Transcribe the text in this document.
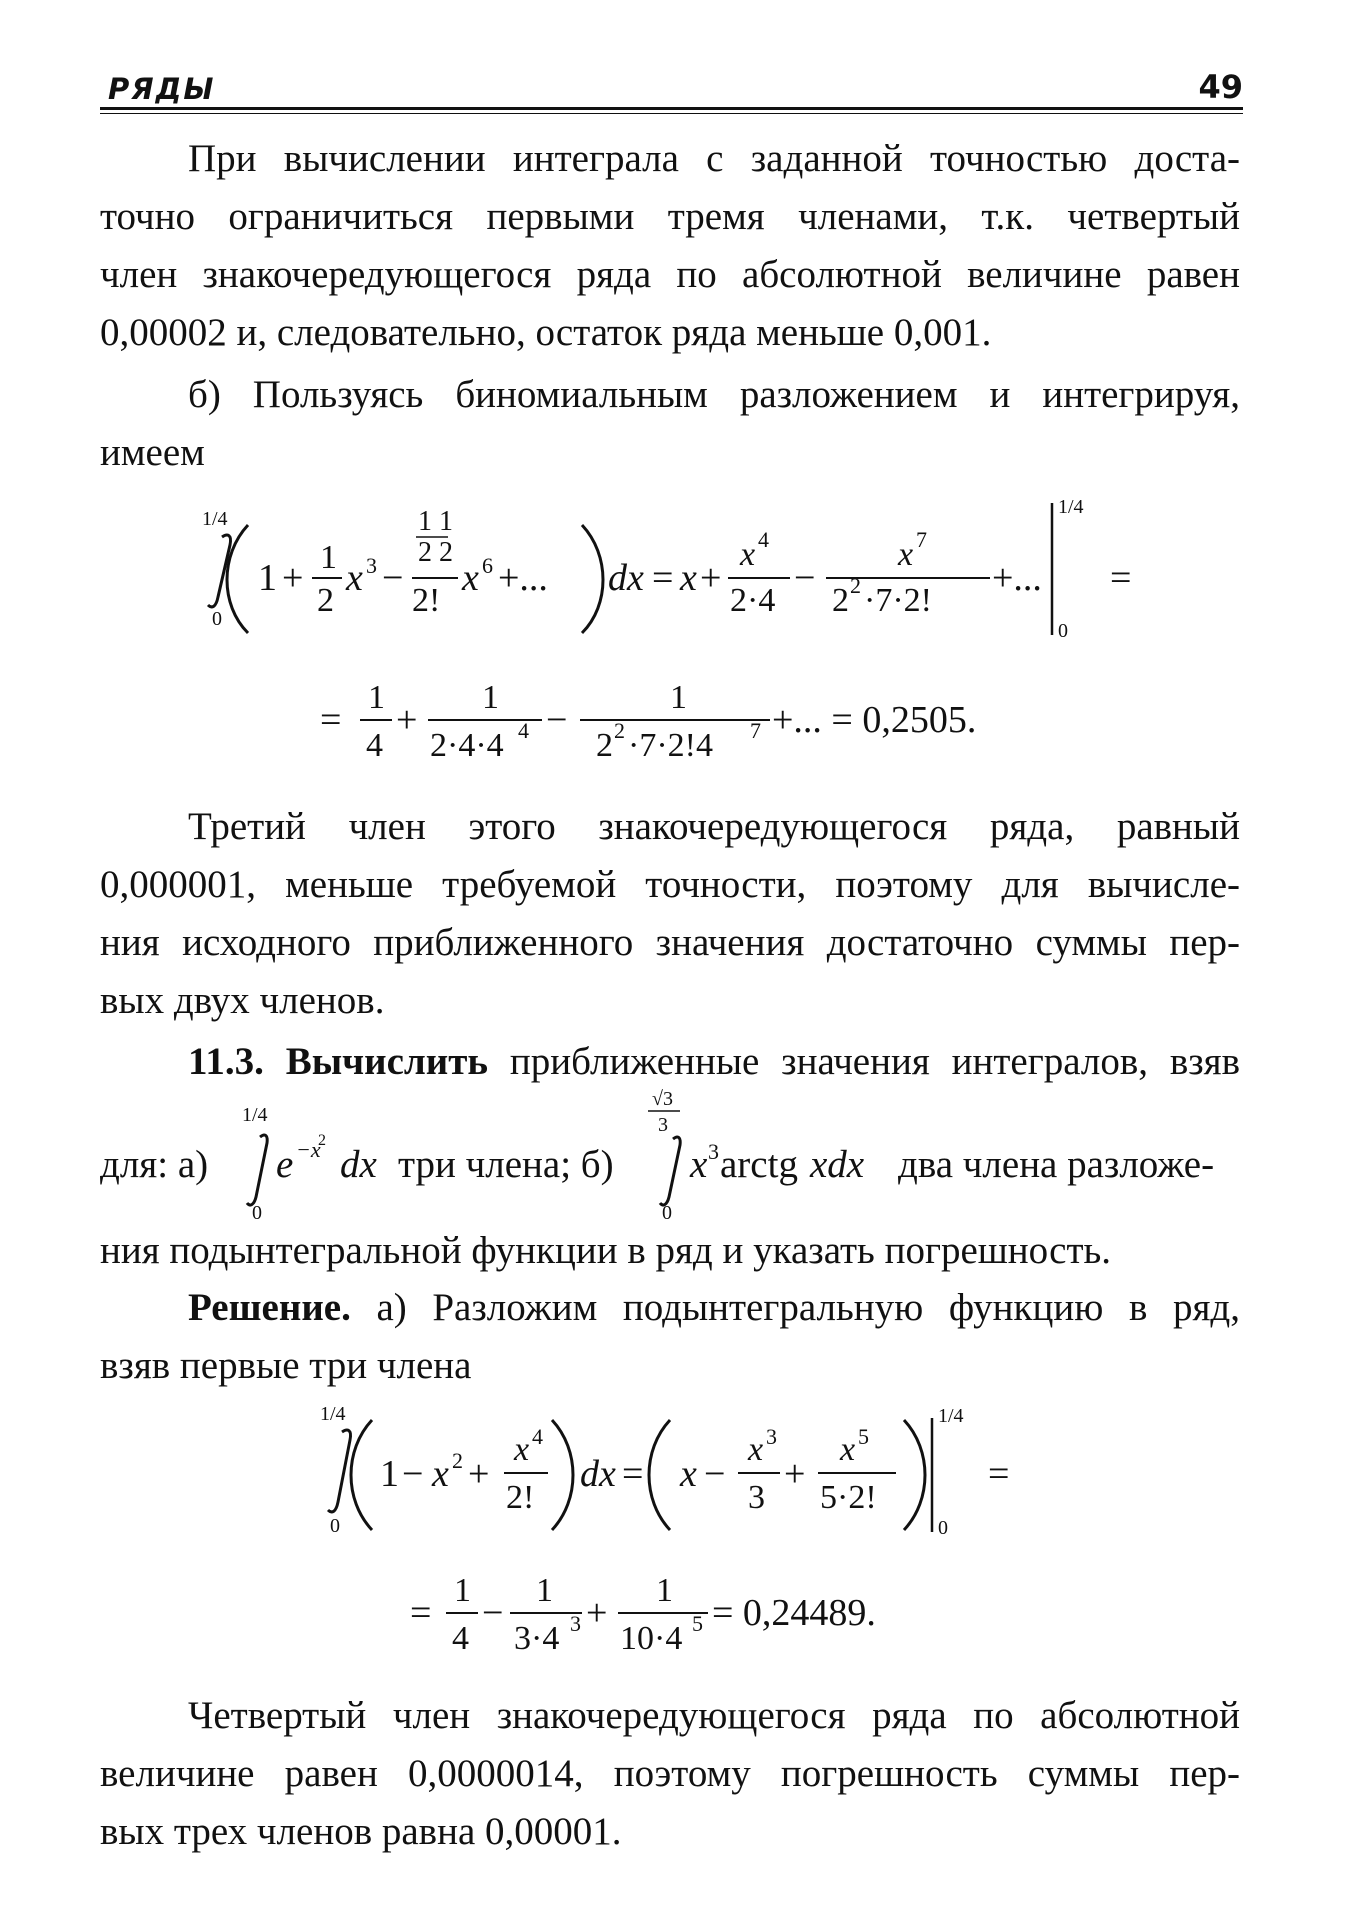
РЯДЫ	49
При вычислении интеграла с заданной точностью доста-
точно ограничиться первыми тремя членами, т.к. четвертый
член знакочередующегося ряда по абсолютной величине равен
0,00002 и, следовательно, остаток ряда меньше 0,001.
б) Пользуясь биномиальным разложением и интегрируя,
имеем
1/4
0
1 + 1
2
x 3 −
1 1
2 2
2!
x 6 +... dx = x +
x 4
2·4
−
x 7
2 2 ·7·2!
+...
1/4
0
=
=
1
4
+
1
2·4·4 4 −
1
2 2 ·7·2!4 7 +... = 0,2505.
Третий член этого знакочередующегося ряда, равный
0,000001, меньше требуемой точности, поэтому для вычисле-
ния исходного приближенного значения достаточно суммы пер-
вых двух членов.
11.3. Вычислить приближенные значения интегралов, взяв
для: а)
1/4
0
e −x
2
dx три члена; б)
√3
3
0
x 3 arctg xdx два члена разложе-
ния подынтегральной функции в ряд и указать погрешность.
Решение. а) Разложим подынтегральную функцию в ряд,
взяв первые три члена
1/4
0
1 − x 2 +
x 4
2!
dx = x −
x 3
3
+
x 5
5·2!
1/4
0
=
=
1
4
−
1
3·4 3 +
1
10·4 5 = 0,24489.
Четвертый член знакочередующегося ряда по абсолютной
величине равен 0,0000014, поэтому погрешность суммы пер-
вых трех членов равна 0,00001.
